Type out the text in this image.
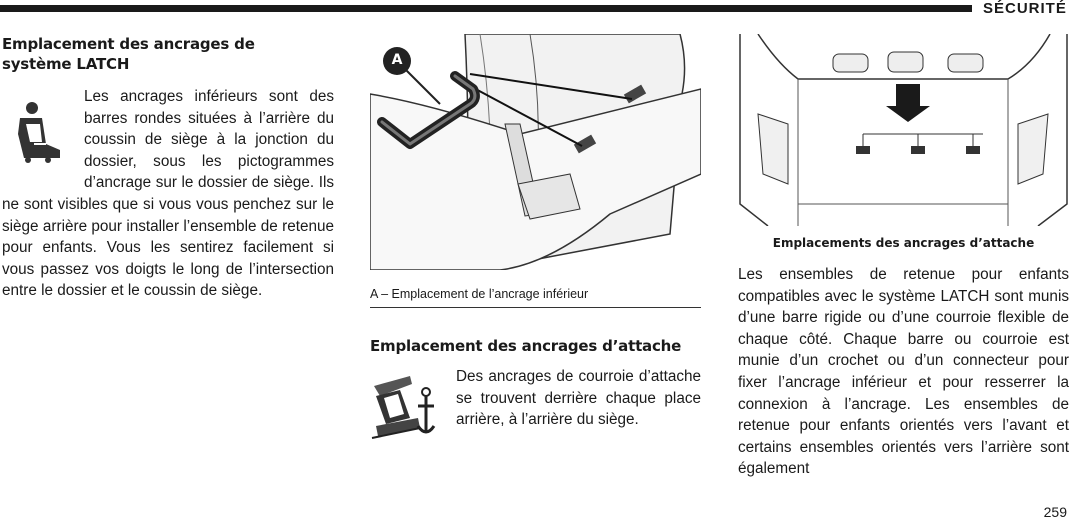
SÉCURITÉ
Emplacement des ancrages de
système LATCH
Les ancrages inférieurs sont des barres rondes situées à l’arrière du coussin de siège à la jonction du dossier, sous les pictogrammes d’ancrage sur le dossier de siège. Ils ne sont visibles que si vous vous penchez sur le siège arrière pour installer l’ensemble de retenue pour enfants. Vous les sentirez facilement si vous passez vos doigts le long de l’intersection entre le dossier et le coussin de siège.
A
A – Emplacement de l’ancrage inférieur
Emplacement des ancrages d’attache
Des ancrages de courroie d’attache se trouvent derrière chaque place arrière, à l’arrière du siège.
Emplacements des ancrages d’attache
Les ensembles de retenue pour enfants compatibles avec le système LATCH sont munis d’une barre rigide ou d’une courroie flexible de chaque côté. Chaque barre ou courroie est munie d’un crochet ou d’un connecteur pour fixer l’ancrage inférieur et pour resserrer la connexion à l’ancrage. Les ensembles de retenue pour enfants orientés vers l’avant et certains ensembles orientés vers l’arrière sont également
259
